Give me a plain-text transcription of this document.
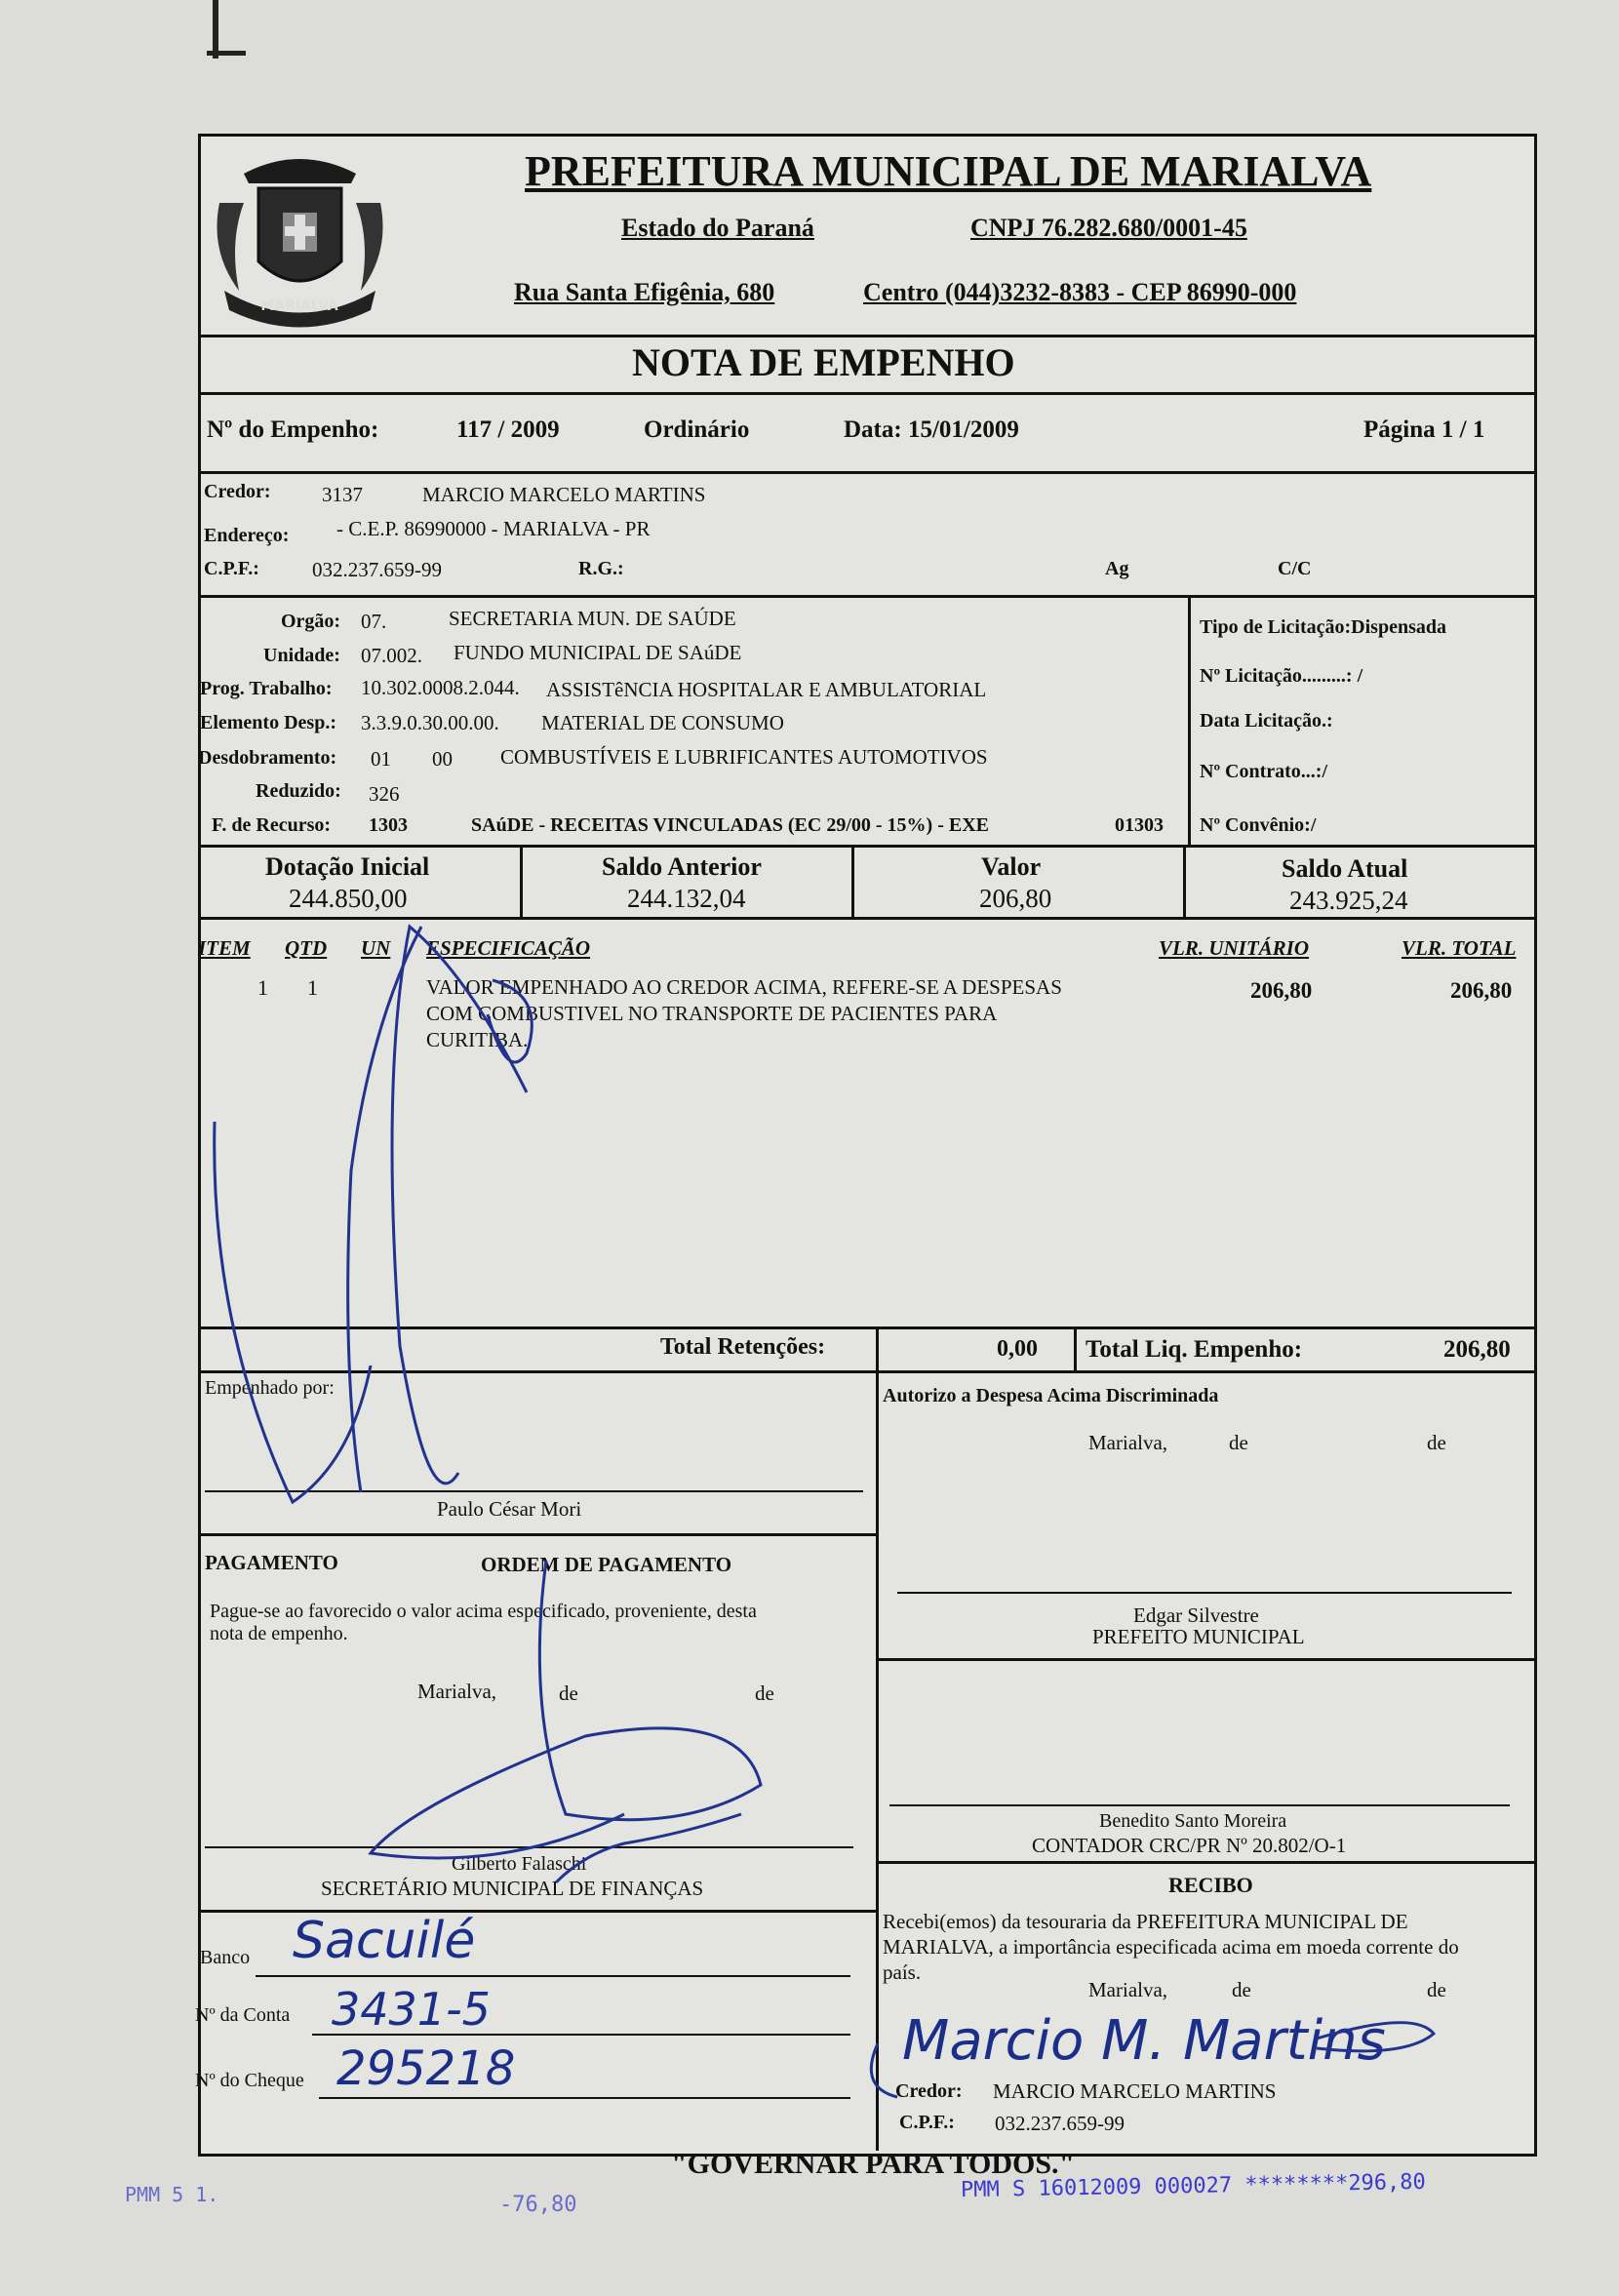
MARIALVA
PREFEITURA MUNICIPAL DE MARIALVA
Estado do Paraná	CNPJ 76.282.680/0001-45
Rua Santa Efigênia, 680	Centro (044)3232-8383 - CEP 86990-000
NOTA DE EMPENHO
Nº do Empenho:	117 / 2009	Ordinário	Data: 15/01/2009	Página 1 / 1
Credor:	3137	MARCIO MARCELO MARTINS
Endereço: - C.E.P. 86990000 - MARIALVA - PR
C.P.F.:	032.237.659-99	R.G.:	Ag	C/C
Orgão: 07.	SECRETARIA MUN. DE SAÚDE
Unidade: 07.002. FUNDO MUNICIPAL DE SAúDE
Prog. Trabalho: 10.302.0008.2.044. ASSISTêNCIA HOSPITALAR E AMBULATORIAL
Elemento Desp.: 3.3.9.0.30.00.00. MATERIAL DE CONSUMO
Desdobramento: 01 00 COMBUSTÍVEIS E LUBRIFICANTES AUTOMOTIVOS
Reduzido: 326
F. de Recurso: 1303	SAúDE - RECEITAS VINCULADAS (EC 29/00 - 15%) - EXE	01303
Tipo de Licitação:Dispensada
Nº Licitação.........: /
Data Licitação.:
Nº Contrato...:/
Nº Convênio:/
Dotação Inicial
244.850,00
Saldo Anterior
244.132,04
Valor
206,80
Saldo Atual
243.925,24
ITEM QTD UN ESPECIFICAÇÃO	VLR. UNITÁRIO	VLR. TOTAL
1 1	VALOR EMPENHADO AO CREDOR ACIMA, REFERE-SE A DESPESAS
COM COMBUSTIVEL NO TRANSPORTE DE PACIENTES PARA
CURITIBA.
206,80	206,80
Total Retenções:	0,00 Total Liq. Empenho:	206,80
Empenhado por:
Paulo César Mori
Autorizo a Despesa Acima Discriminada
Marialva,	de	de
Edgar Silvestre
PREFEITO MUNICIPAL
Benedito Santo Moreira
CONTADOR CRC/PR Nº 20.802/O-1
PAGAMENTO	ORDEM DE PAGAMENTO
Pague-se ao favorecido o valor acima especificado, proveniente, desta
nota de empenho.
Marialva,	de	de
Gilberto Falaschi
SECRETÁRIO MUNICIPAL DE FINANÇAS
Banco Sacuilé
Nº da Conta 3431-5
Nº do Cheque 295218
RECIBO
Recebi(emos) da tesouraria da PREFEITURA MUNICIPAL DE
MARIALVA, a importância especificada acima em moeda corrente do
país.
Marialva,	de	de
Marcio M. Martins
Credor: MARCIO MARCELO MARTINS
C.P.F.: 032.237.659-99
"GOVERNAR PARA TODOS."
PMM 5 1.	-76,80
PMM S 16012009 000027 ********296,80
